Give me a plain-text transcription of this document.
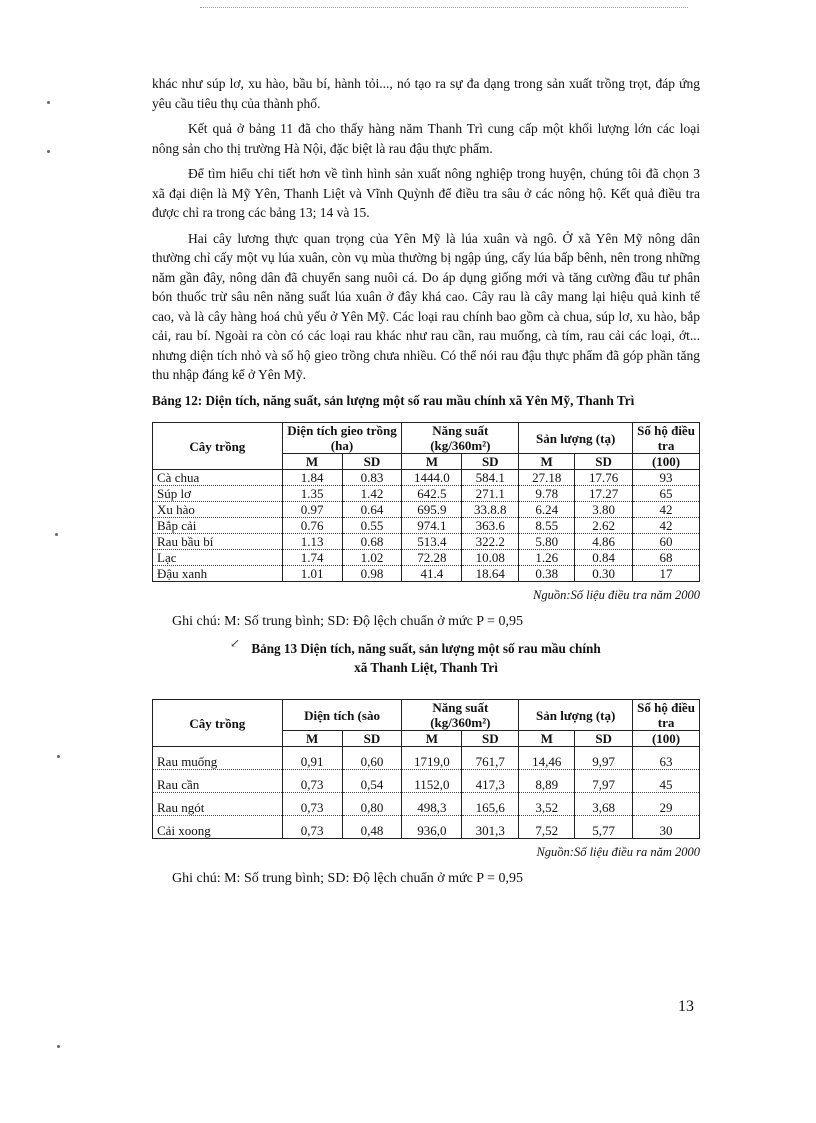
↙

khác như súp lơ, xu hào, bầu bí, hành tỏi..., nó tạo ra sự đa dạng trong sản xuất trồng trọt, đáp ứng yêu cầu tiêu thụ của thành phố.

Kết quả ở bảng 11 đã cho thấy hàng năm Thanh Trì cung cấp một khối lượng lớn các loại nông sản cho thị trường Hà Nội, đặc biệt là rau đậu thực phẩm.

Để tìm hiểu chi tiết hơn về tình hình sản xuất nông nghiệp trong huyện, chúng tôi đã chọn 3 xã đại diện là Mỹ Yên, Thanh Liệt và Vĩnh Quỳnh để điều tra sâu ở các nông hộ. Kết quả điều tra được chỉ ra trong các bảng 13; 14 và 15.

Hai cây lương thực quan trọng của Yên Mỹ là lúa xuân và ngô. Ở xã Yên Mỹ nông dân thường chỉ cấy một vụ lúa xuân, còn vụ mùa thường bị ngập úng, cấy lúa bấp bênh, nên trong những năm gần đây, nông dân đã chuyển sang nuôi cá. Do áp dụng giống mới và tăng cường đầu tư phân bón thuốc trừ sâu nên năng suất lúa xuân ở đây khá cao. Cây rau là cây mang lại hiệu quả kinh tế cao, và là cây hàng hoá chủ yếu ở Yên Mỹ. Các loại rau chính bao gồm cà chua, súp lơ, xu hào, bắp cải, rau bí. Ngoài ra còn có các loại rau khác như rau cần, rau muống, cà tím, rau cải các loại, ớt... nhưng diện tích nhỏ và số hộ gieo trồng chưa nhiều. Có thể nói rau đậu thực phẩm đã góp phần tăng thu nhập đáng kể ở Yên Mỹ.

Bảng 12: Diện tích, năng suất, sản lượng một số rau mầu chính xã Yên Mỹ, Thanh Trì
Cây trồng	Diện tích gieo trồng (ha)		Năng suất (kg/360m²)		Sản lượng (tạ)		Số hộ điều tra
	M	SD	M	SD	M	SD	(100)
Cà chua	1.84	0.83	1444.0	584.1	27.18	17.76	93
Súp lơ	1.35	1.42	642.5	271.1	9.78	17.27	65
Xu hào	0.97	0.64	695.9	33.8.8	6.24	3.80	42
Bắp cải	0.76	0.55	974.1	363.6	8.55	2.62	42
Rau bầu bí	1.13	0.68	513.4	322.2	5.80	4.86	60
Lạc	1.74	1.02	72.28	10.08	1.26	0.84	68
Đậu xanh	1.01	0.98	41.4	18.64	0.38	0.30	17
Nguồn:Số liệu điều tra năm 2000
Ghi chú: M: Số trung bình; SD: Độ lệch chuẩn ở mức P = 0,95
Bảng 13 Diện tích, năng suất, sản lượng một số rau mầu chính
xã Thanh Liệt, Thanh Trì
Cây trồng	Diện tích (sào		Năng suất (kg/360m²)		Sản lượng (tạ)		Số hộ điều tra
	M	SD	M	SD	M	SD	(100)
Rau muống	0,91	0,60	1719,0	761,7	14,46	9,97	63
Rau cần	0,73	0,54	1152,0	417,3	8,89	7,97	45
Rau ngót	0,73	0,80	498,3	165,6	3,52	3,68	29
Cải xoong	0,73	0,48	936,0	301,3	7,52	5,77	30
Nguồn:Số liệu điều ra năm 2000
Ghi chú: M: Số trung bình; SD: Độ lệch chuẩn ở mức P = 0,95
13
